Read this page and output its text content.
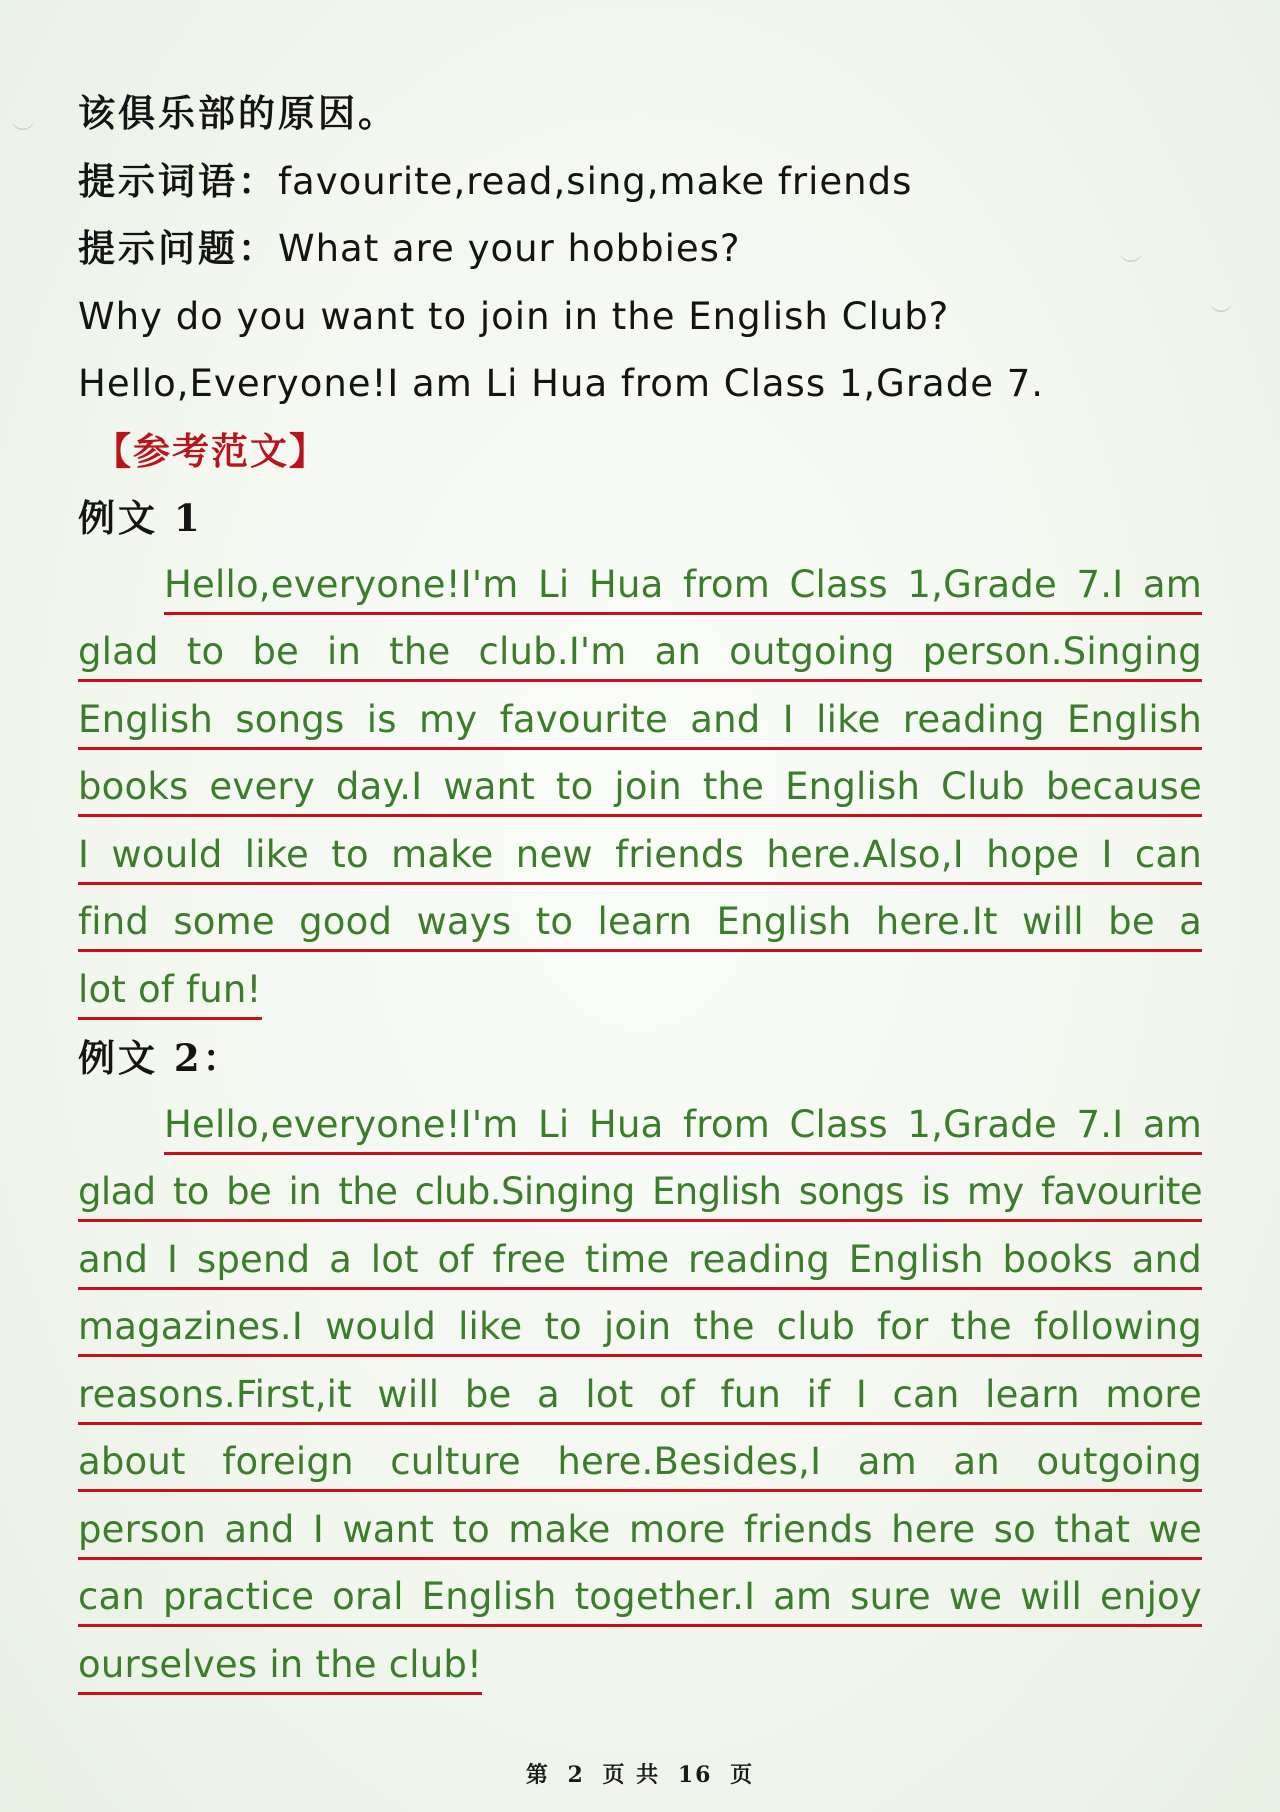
︶
︶
︶
该俱乐部的原因。
提示词语：favourite,read,sing,make friends
提示问题：What are your hobbies?
Why do you want to join in the English Club?
Hello,Everyone!I am Li Hua from Class 1,Grade 7.
【参考范文】
例文 1
Hello,everyone!I'm Li Hua from Class 1,Grade 7.I am
glad to be in the club.I'm an outgoing person.Singing
English songs is my favourite and I like reading English
books every day.I want to join the English Club because
I would like to make new friends here.Also,I hope I can
find some good ways to learn English here.It will be a
lot of fun!
例文 2：
Hello,everyone!I'm Li Hua from Class 1,Grade 7.I am
glad to be in the club.Singing English songs is my favourite
and I spend a lot of free time reading English books and
magazines.I would like to join the club for the following
reasons.First,it will be a lot of fun if I can learn more
about foreign culture here.Besides,I am an outgoing
person and I want to make more friends here so that we
can practice oral English together.I am sure we will enjoy
ourselves in the club!
第 2 页 共 16 页
